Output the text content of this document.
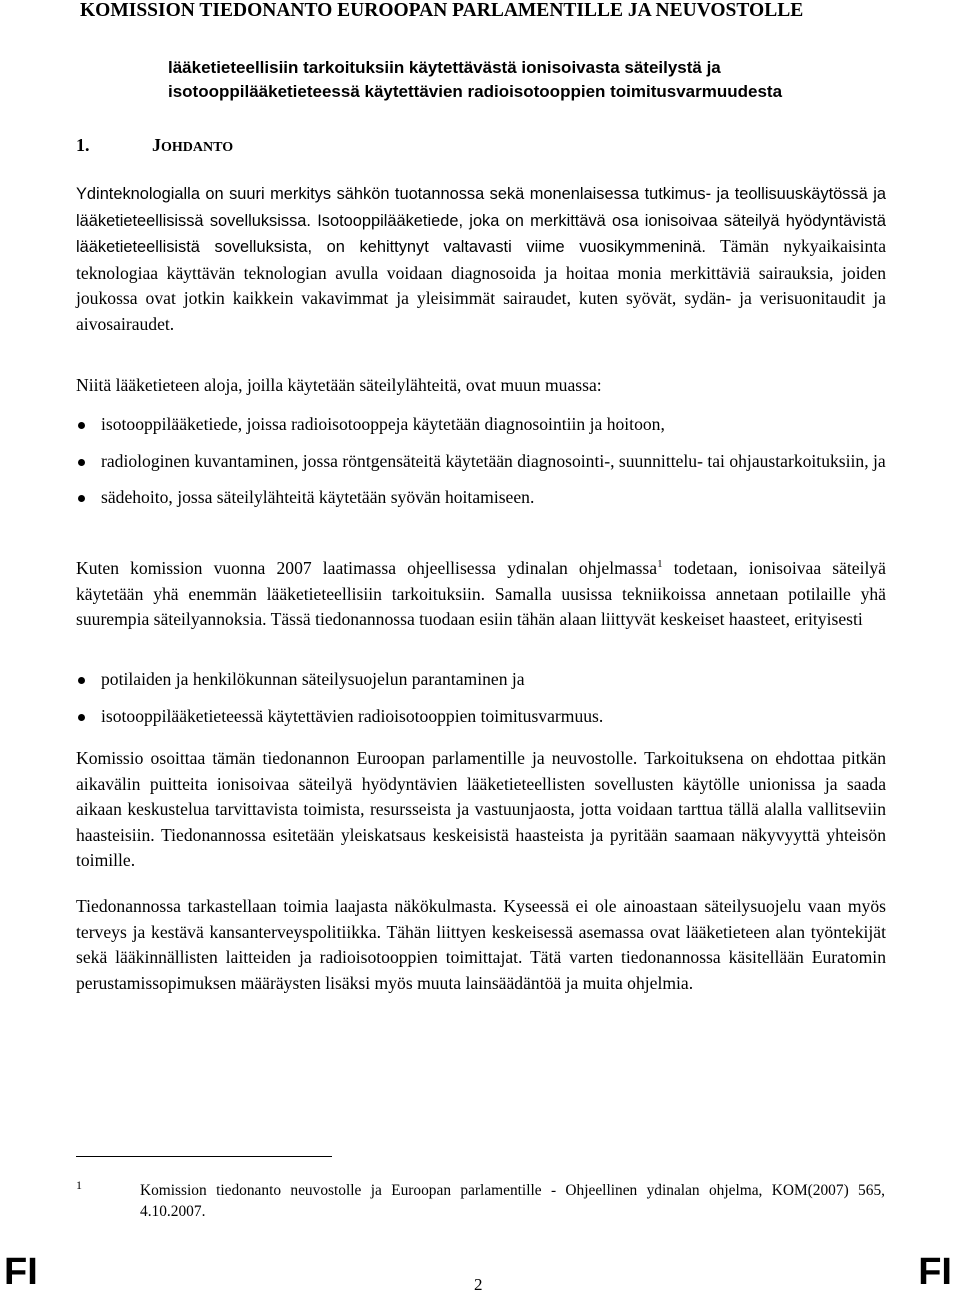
KOMISSION TIEDONANTO EUROOPAN PARLAMENTILLE JA NEUVOSTOLLE
lääketieteellisiin tarkoituksiin käytettävästä ionisoivasta säteilystä ja
isotooppilääketieteessä käytettävien radioisotooppien toimitusvarmuudesta
1.	JOHDANTO

Ydinteknologialla on suuri merkitys sähkön tuotannossa sekä monenlaisessa tutkimus- ja teollisuuskäytössä ja lääketieteellisissä sovelluksissa. Isotooppilääketiede, joka on merkittävä osa ionisoivaa säteilyä hyödyntävistä lääketieteellisistä sovelluksista, on kehittynyt valtavasti viime vuosikymmeninä. Tämän nykyaikaisinta teknologiaa käyttävän teknologian avulla voidaan diagnosoida ja hoitaa monia merkittäviä sairauksia, joiden joukossa ovat jotkin kaikkein vakavimmat ja yleisimmät sairaudet, kuten syövät, sydän- ja verisuonitaudit ja aivosairaudet.

Niitä lääketieteen aloja, joilla käytetään säteilylähteitä, ovat muun muassa:

isotooppilääketiede, joissa radioisotooppeja käytetään diagnosointiin ja hoitoon,
radiologinen kuvantaminen, jossa röntgensäteitä käytetään diagnosointi-, suunnittelu- tai ohjaustarkoituksiin, ja
sädehoito, jossa säteilylähteitä käytetään syövän hoitamiseen.

Kuten komission vuonna 2007 laatimassa ohjeellisessa ydinalan ohjelmassa$^1$ todetaan, ionisoivaa säteilyä käytetään yhä enemmän lääketieteellisiin tarkoituksiin. Samalla uusissa tekniikoissa annetaan potilaille yhä suurempia säteilyannoksia. Tässä tiedonannossa tuodaan esiin tähän alaan liittyvät keskeiset haasteet, erityisesti

potilaiden ja henkilökunnan säteilysuojelun parantaminen ja
isotooppilääketieteessä käytettävien radioisotooppien toimitusvarmuus.

Komissio osoittaa tämän tiedonannon Euroopan parlamentille ja neuvostolle. Tarkoituksena on ehdottaa pitkän aikavälin puitteita ionisoivaa säteilyä hyödyntävien lääketieteellisten sovellusten käytölle unionissa ja saada aikaan keskustelua tarvittavista toimista, resursseista ja vastuunjaosta, jotta voidaan tarttua tällä alalla vallitseviin haasteisiin. Tiedonannossa esitetään yleiskatsaus keskeisistä haasteista ja pyritään saamaan näkyvyyttä yhteisön toimille.

Tiedonannossa tarkastellaan toimia laajasta näkökulmasta. Kyseessä ei ole ainoastaan säteilysuojelu vaan myös terveys ja kestävä kansanterveyspolitiikka. Tähän liittyen keskeisessä asemassa ovat lääketieteen alan työntekijät sekä lääkinnällisten laitteiden ja radioisotooppien toimittajat. Tätä varten tiedonannossa käsitellään Euratomin perustamissopimuksen määräysten lisäksi myös muuta lainsäädäntöä ja muita ohjelmia.

1	Komission tiedonanto neuvostolle ja Euroopan parlamentille - Ohjeellinen ydinalan ohjelma, KOM(2007) 565, 4.10.2007.
FI	2	FI
